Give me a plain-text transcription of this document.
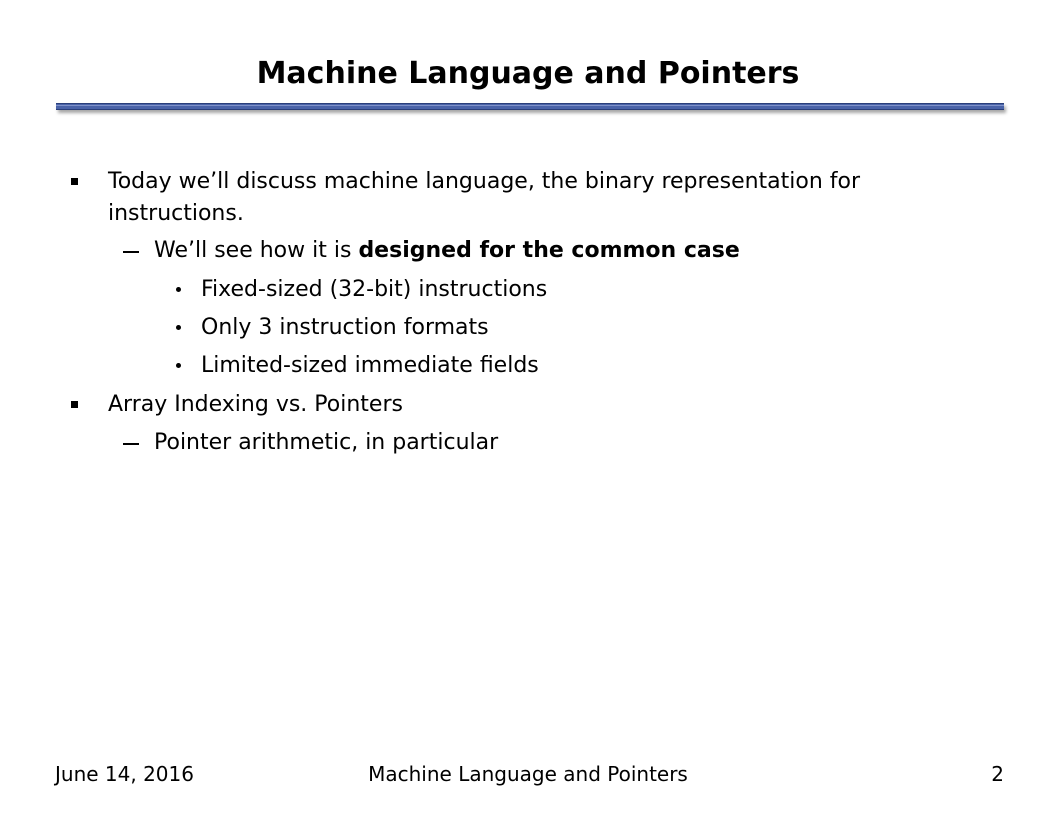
Machine Language and Pointers
Today we’ll discuss machine language, the binary representation for
instructions.
We’ll see how it is designed for the common case
Fixed-sized (32-bit) instructions
Only 3 instruction formats
Limited-sized immediate fields
Array Indexing vs. Pointers
Pointer arithmetic, in particular
June 14, 2016	Machine Language and Pointers	2
